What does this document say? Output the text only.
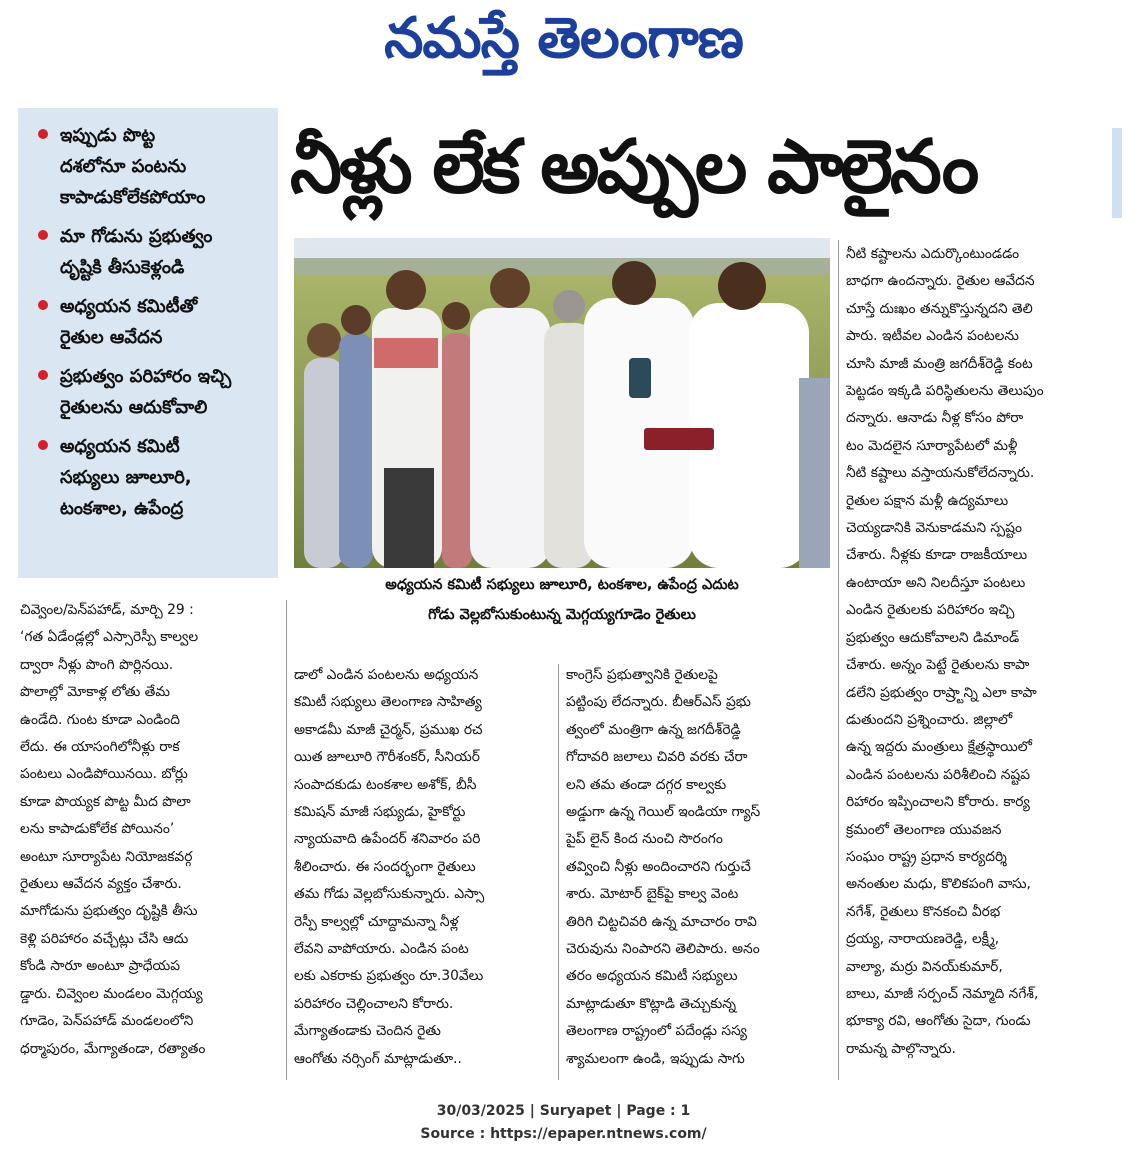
నమస్తే తెలంగాణ
ఇప్పుడు పొట్ట
దశలోనూ పంటను
కాపాడుకోలేకపోయాం
మా గోడును ప్రభుత్వం
దృష్టికి తీసుకెళ్లండి
అధ్యయన కమిటీతో
రైతుల ఆవేదన
ప్రభుత్వం పరిహారం ఇచ్చి
రైతులను ఆదుకోవాలి
అధ్యయన కమిటీ
సభ్యులు జూలూరి,
టంకశాల, ఉపేంద్ర
నీళ్లు లేక అప్పుల పాలైనం
అధ్యయన కమిటీ సభ్యులు జూలూరి, టంకశాల, ఉపేంద్ర ఎదుట
గోడు వెల్లబోసుకుంటున్న మెగ్గయ్యగూడెం రైతులు
చివ్వెంల/పెన్‌పహాడ్‌, మార్చి 29 :
‘గత ఏడేండ్లల్లో ఎస్సారెస్పీ కాల్వల
ద్వారా నీళ్లు పొంగి పొర్లినయి.
పొలాల్లో మోకాళ్ల లోతు తేమ
ఉండేది. గుంట కూడా ఎండింది
లేదు. ఈ యాసంగిలోనీళ్లు రాక
పంటలు ఎండిపోయినయి. బోర్లు
కూడా పొయ్యక పొట్ట మీద పొలా
లను కాపాడుకోలేక పోయినం’
అంటూ సూర్యాపేట నియోజకవర్గ
రైతులు ఆవేదన వ్యక్తం చేశారు.
మాగోడును ప్రభుత్వం దృష్టికి తీసు
కెళ్లి పరిహారం వచ్చేట్లు చేసి ఆదు
కోండి సారూ అంటూ ప్రాధేయప
డ్డారు. చివ్వెంల మండలం మెగ్గయ్య
గూడెం, పెన్‌పహాడ్‌ మండలంలోని
ధర్మాపురం, మేగ్యాతండా, రత్యాతం
డాలో ఎండిన పంటలను అధ్యయన
కమిటీ సభ్యులు తెలంగాణ సాహిత్య
అకాడమీ మాజీ చైర్మన్‌, ప్రముఖ రచ
యిత జూలూరి గౌరీశంకర్‌, సీనియర్‌
సంపాదకుడు టంకశాల అశోక్‌, బీసీ
కమిషన్‌ మాజీ సభ్యుడు, హైకోర్టు
న్యాయవాది ఉపేందర్‌ శనివారం పరి
శీలించారు. ఈ సందర్భంగా రైతులు
తమ గోడు వెల్లబోసుకున్నారు. ఎస్సా
రెస్పీ కాల్వల్లో చూద్దామన్నా నీళ్ల
లేవని వాపోయారు. ఎండిన పంట
లకు ఎకరాకు ప్రభుత్వం రూ.30వేలు
పరిహారం చెల్లించాలని కోరారు.
మేగ్యాతండాకు చెందిన రైతు
ఆంగోతు నర్సింగ్‌ మాట్లాడుతూ..
కాంగ్రెస్‌ ప్రభుత్వానికి రైతులపై
పట్టింపు లేదన్నారు. బీఆర్‌ఎస్‌ ప్రభు
త్వంలో మంత్రిగా ఉన్న జగదీశ్‌రెడ్డి
గోదావరి జలాలు చివరి వరకు చేరా
లని తమ తండా దగ్గర కాల్వకు
అడ్డుగా ఉన్న గెయిల్‌ ఇండియా గ్యాస్‌
పైప్‌ లైన్‌ కింద నుంచి సొరంగం
తవ్వించి నీళ్లు అందించారని గుర్తుచే
శారు. మోటార్‌ బైక్‌పై కాల్వ వెంట
తిరిగి చిట్టచివరి ఉన్న మాచారం రావి
చెరువును నింపారని తెలిపారు. అనం
తరం అధ్యయన కమిటీ సభ్యులు
మాట్లాడుతూ కొట్లాడి తెచ్చుకున్న
తెలంగాణ రాష్ట్రంలో పదేండ్లు సస్య
శ్యామలంగా ఉండి, ఇప్పుడు సాగు
నీటి కష్టాలను ఎదుర్కొంటుండడం
బాధగా ఉందన్నారు. రైతుల ఆవేదన
చూస్తే దుఃఖం తన్నుకొస్తున్నదని తెలి
పారు. ఇటీవల ఎండిన పంటలను
చూసి మాజీ మంత్రి జగదీశ్‌రెడ్డి కంట
పెట్టడం ఇక్కడి పరిస్థితులను తెలుపుం
దన్నారు. ఆనాడు నీళ్ల కోసం పోరా
టం మెదలైన సూర్యాపేటలో మళ్లీ
నీటి కష్టాలు వస్తాయనుకోలేదన్నారు.
రైతుల పక్షాన మళ్లీ ఉద్యమాలు
చెయ్యడానికి వెనుకాడమని స్పష్టం
చేశారు. నీళ్లకు కూడా రాజకీయాలు
ఉంటాయా అని నిలదీస్తూ పంటలు
ఎండిన రైతులకు పరిహారం ఇచ్చి
ప్రభుత్వం ఆదుకోవాలని డిమాండ్‌
చేశారు. అన్నం పెట్టే రైతులను కాపా
డలేని ప్రభుత్వం రాష్ర్టాన్ని ఎలా కాపా
డుతుందని ప్రశ్నించారు. జిల్లాలో
ఉన్న ఇద్దరు మంత్రులు క్షేత్రస్థాయిలో
ఎండిన పంటలను పరిశీలించి నష్టప
రిహారం ఇప్పించాలని కోరారు. కార్య
క్రమంలో తెలంగాణ యువజన
సంఘం రాష్ట్ర ప్రధాన కార్యదర్శి
అనంతుల మధు, కొలికపంగి వాసు,
నగేశ్‌, రైతులు కొనకంచి వీరభ
ద్రయ్య, నారాయణరెడ్డి, లక్ష్మీ,
వాల్యా, మర్రు వినయ్‌కుమార్‌,
బాలు, మాజీ సర్పంచ్‌ నెమ్మాది నగేశ్‌,
భూక్యా రవి, ఆంగోతు సైదా, గుండు
రామన్న పాల్గొన్నారు.
30/03/2025 | Suryapet | Page : 1
Source : https://epaper.ntnews.com/
